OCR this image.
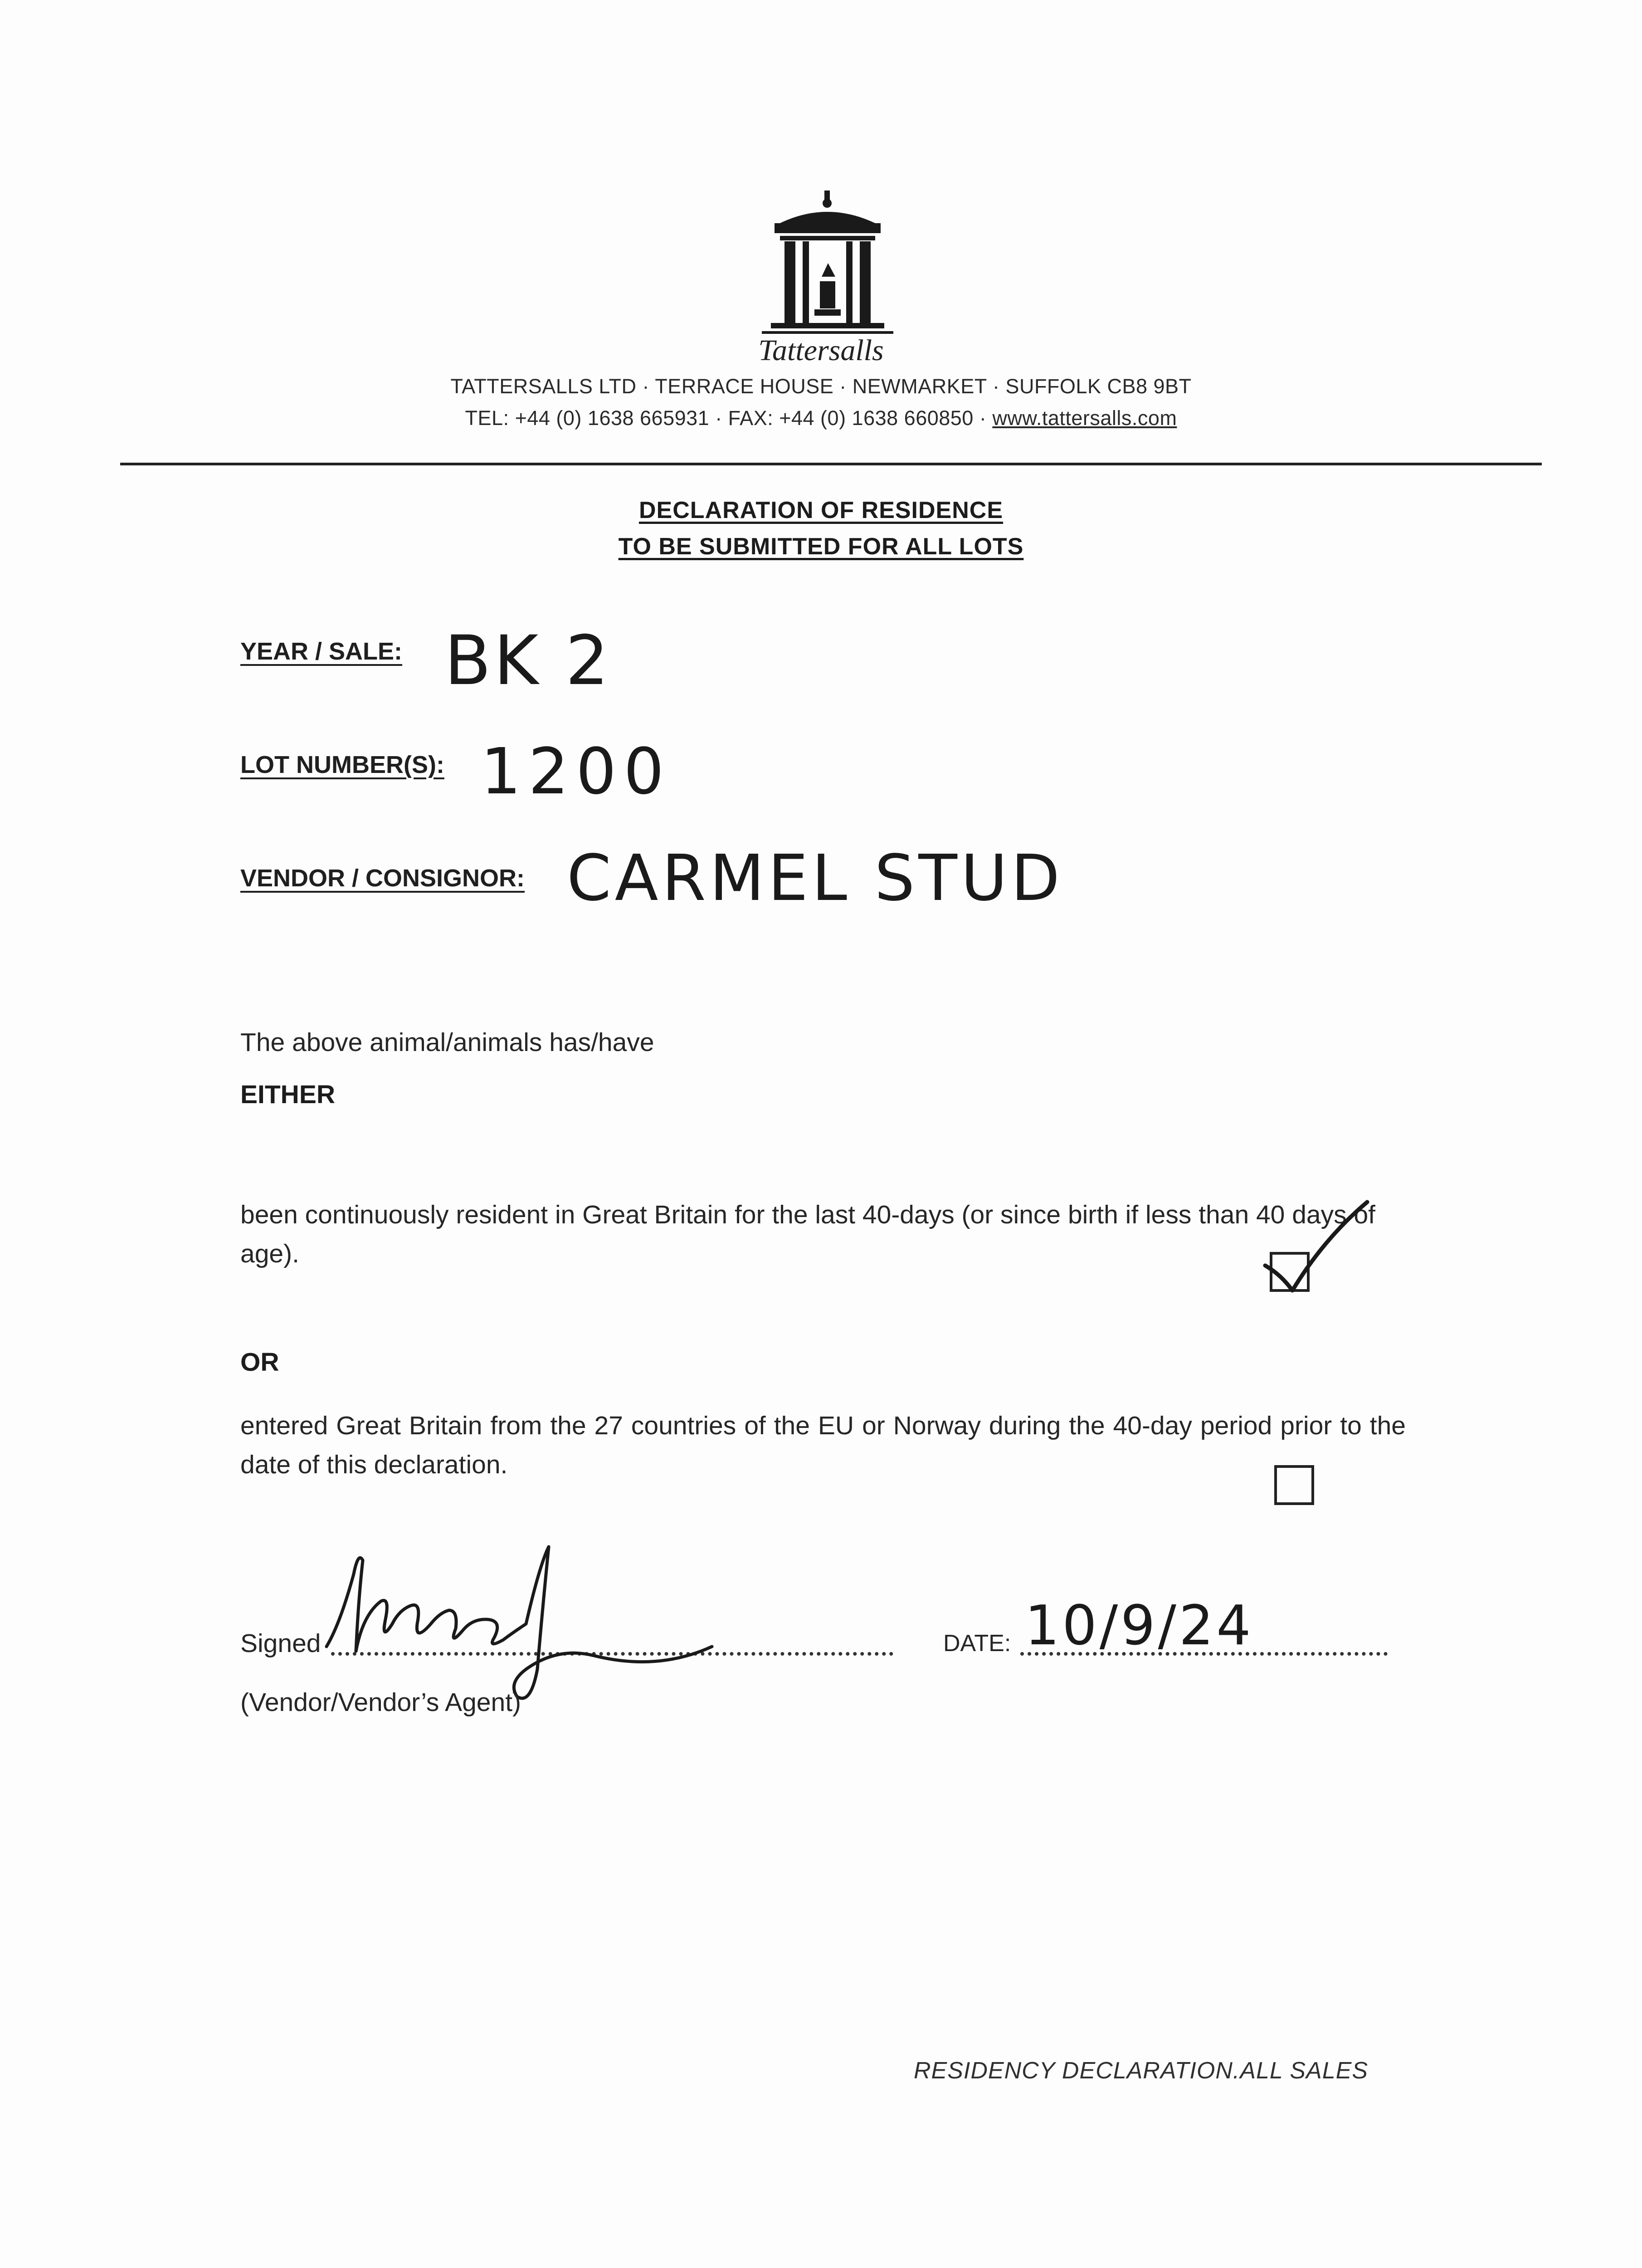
Tattersalls
TATTERSALLS LTD · TERRACE HOUSE · NEWMARKET · SUFFOLK CB8 9BT
TEL: +44 (0) 1638 665931 · FAX: +44 (0) 1638 660850 · www.tattersalls.com
DECLARATION OF RESIDENCE
TO BE SUBMITTED FOR ALL LOTS
YEAR / SALE: BK 2
LOT NUMBER(S): 1200
VENDOR / CONSIGNOR: CARMEL STUD
The above animal/animals has/have
EITHER
been continuously resident in Great Britain for the last 40-days (or since birth if less than 40 days of age).
OR
entered Great Britain from the 27 countries of the EU or Norway during the 40-day period prior to the date of this declaration.
Signed
(Vendor/Vendor’s Agent)
DATE: 10/9/24
RESIDENCY DECLARATION.ALL SALES
